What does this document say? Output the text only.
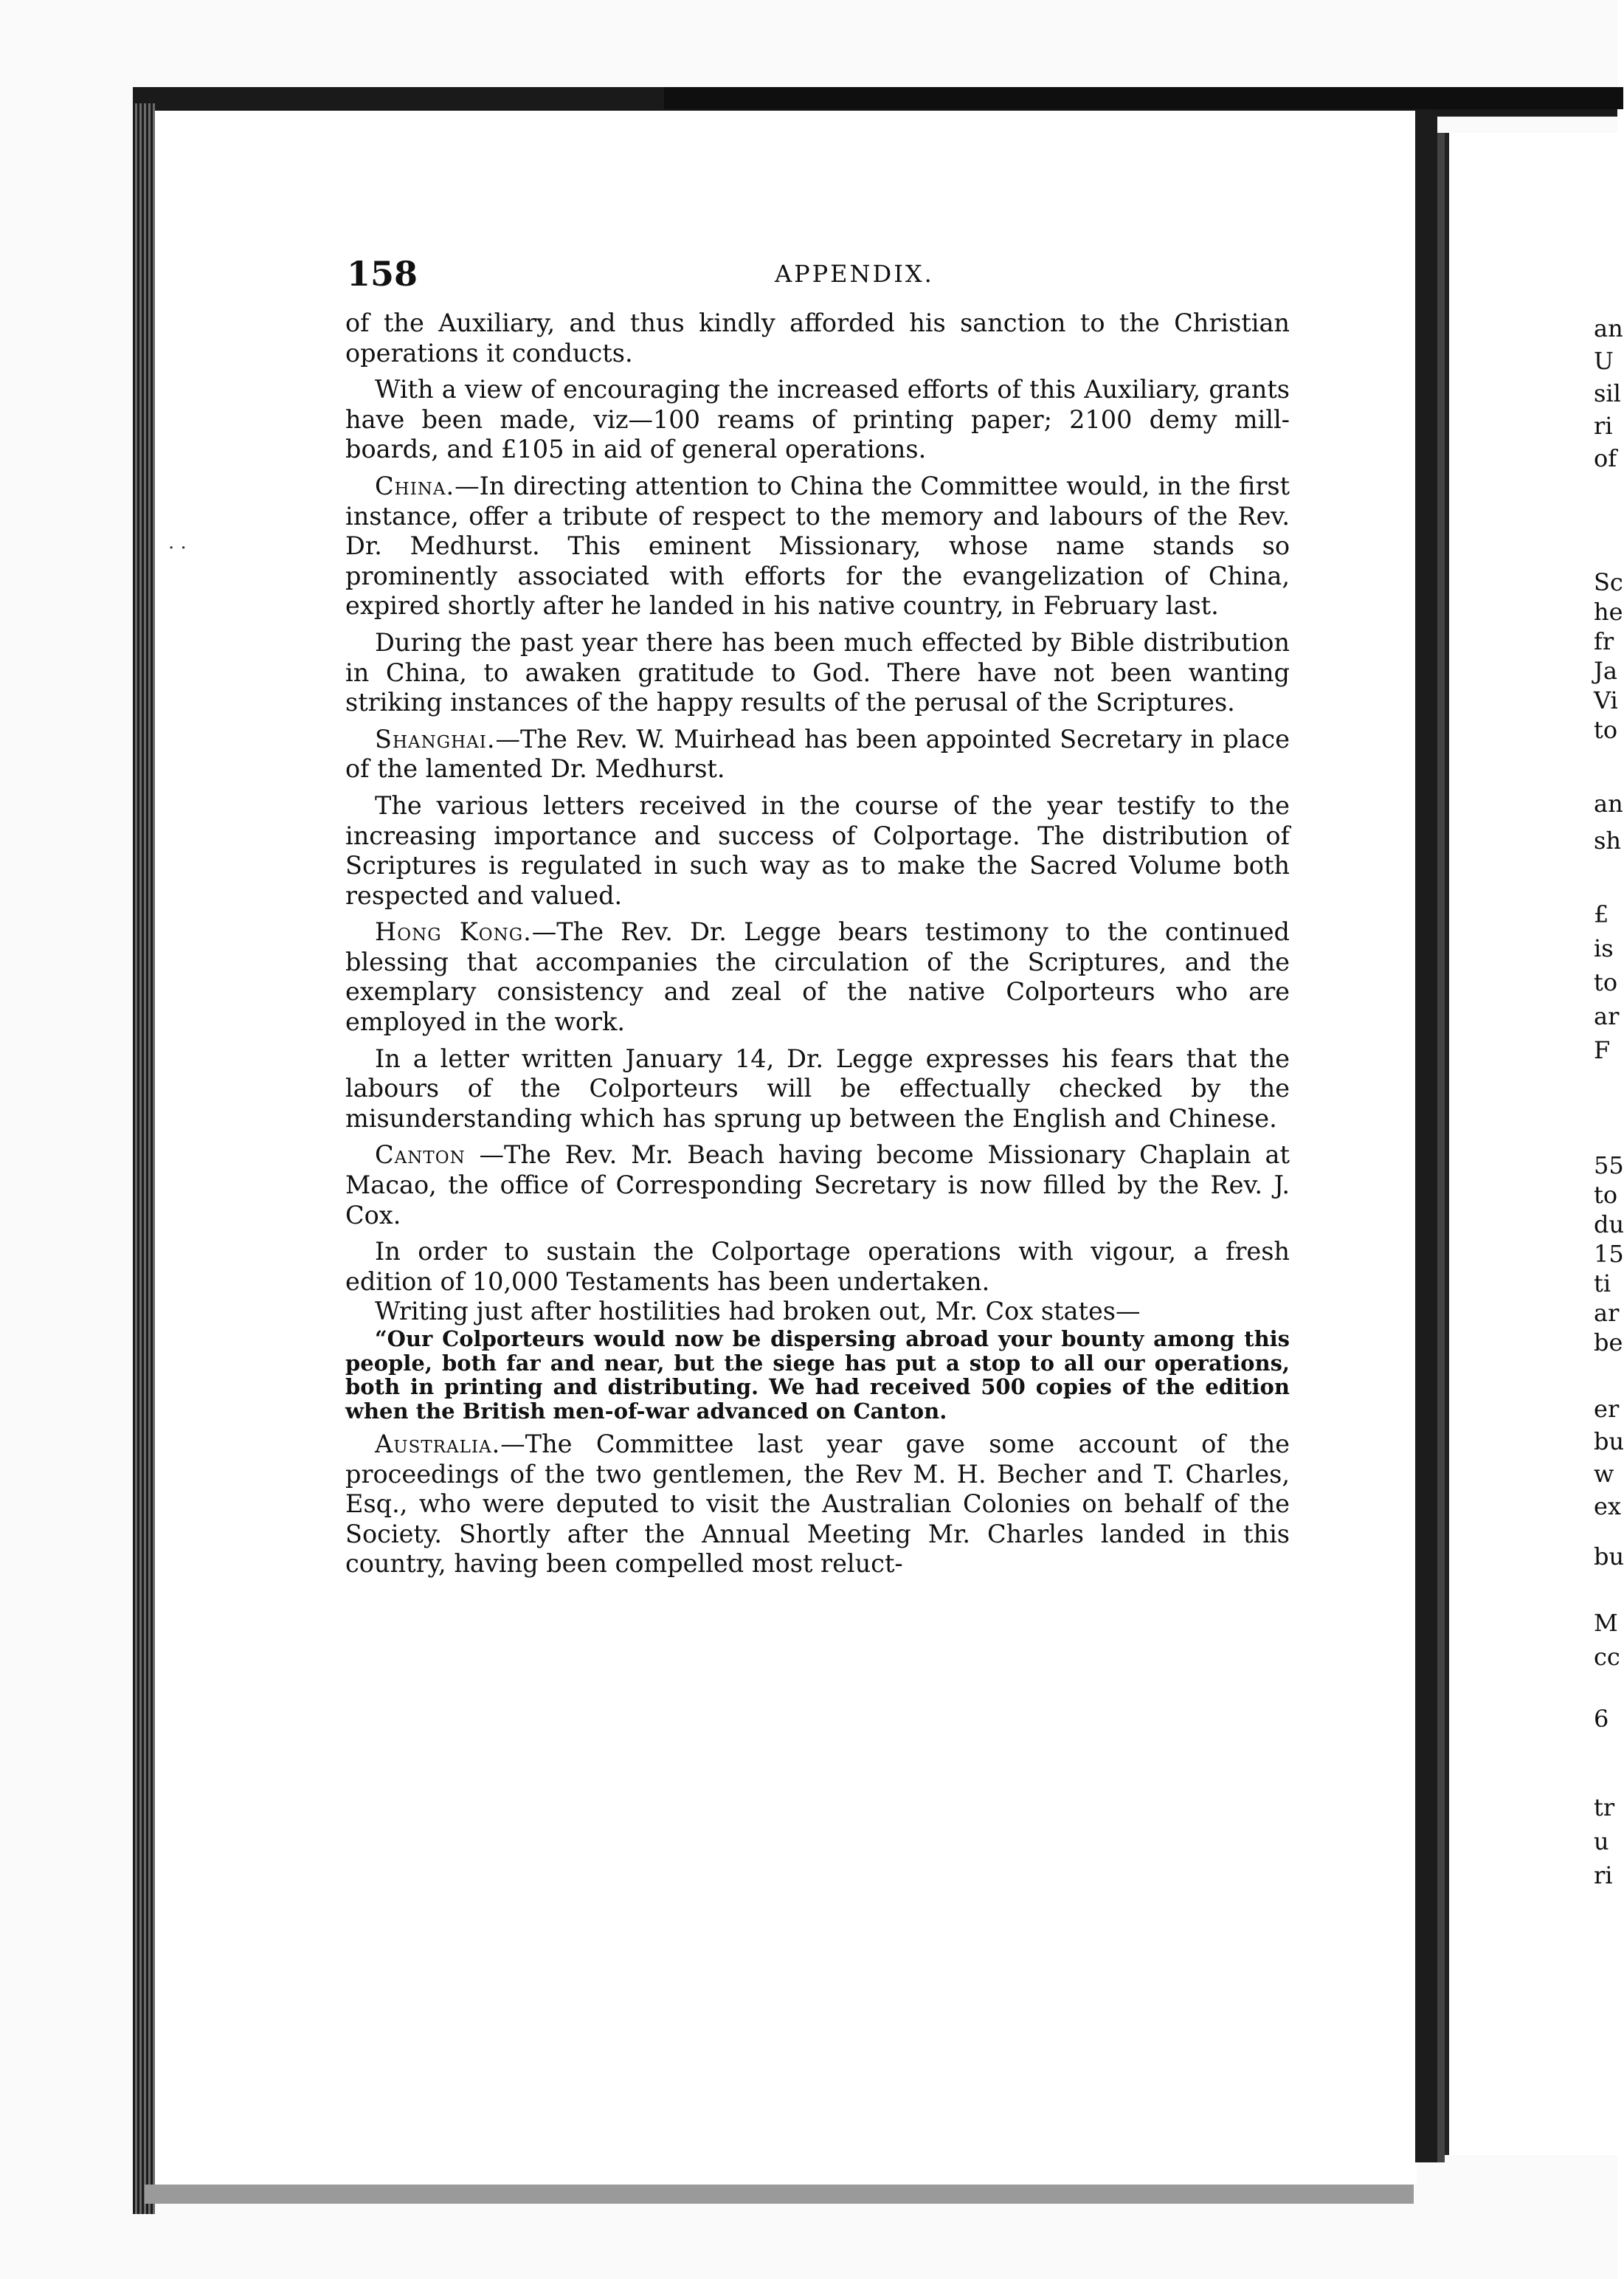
158	APPENDIX.
· ·

of the Auxiliary, and thus kindly afforded his sanction to the Christian operations it conducts.

With a view of encouraging the increased efforts of this Auxiliary, grants have been made, viz—100 reams of printing paper; 2100 demy mill-boards, and £105 in aid of general operations.

China.—In directing attention to China the Committee would, in the first instance, offer a tribute of respect to the memory and labours of the Rev. Dr. Medhurst. This eminent Missionary, whose name stands so prominently associated with efforts for the evangelization of China, expired shortly after he landed in his native country, in February last.

During the past year there has been much effected by Bible distribution in China, to awaken gratitude to God. There have not been wanting striking instances of the happy results of the perusal of the Scriptures.

Shanghai.—The Rev. W. Muirhead has been appointed Secretary in place of the lamented Dr. Medhurst.

The various letters received in the course of the year testify to the increasing importance and success of Colportage. The distribution of Scriptures is regulated in such way as to make the Sacred Volume both respected and valued.

Hong Kong.—The Rev. Dr. Legge bears testimony to the continued blessing that accompanies the circulation of the Scriptures, and the exemplary consistency and zeal of the native Colporteurs who are employed in the work.

In a letter written January 14, Dr. Legge expresses his fears that the labours of the Colporteurs will be effectually checked by the misunderstanding which has sprung up between the English and Chinese.

Canton —The Rev. Mr. Beach having become Missionary Chaplain at Macao, the office of Corresponding Secretary is now filled by the Rev. J. Cox.

In order to sustain the Colportage operations with vigour, a fresh edition of 10,000 Testaments has been undertaken.

Writing just after hostilities had broken out, Mr. Cox states—

“Our Colporteurs would now be dispersing abroad your bounty among this people, both far and near, but the siege has put a stop to all our operations, both in printing and distributing. We had received 500 copies of the edition when the British men-of-war advanced on Canton.

Australia.—The Committee last year gave some account of the proceedings of the two gentlemen, the Rev M. H. Becher and T. Charles, Esq., who were deputed to visit the Australian Colonies on behalf of the Society. Shortly after the Annual Meeting Mr. Charles landed in this country, having been compelled most reluct-

an
U
sil
ri
of
Sc
he
fr
Ja
Vi
to
an
sh
£
is
to
ar
F
55
to
du
15
ti
ar
be
er
bu
w
ex
bu
M
cc
6
tr
u
ri
